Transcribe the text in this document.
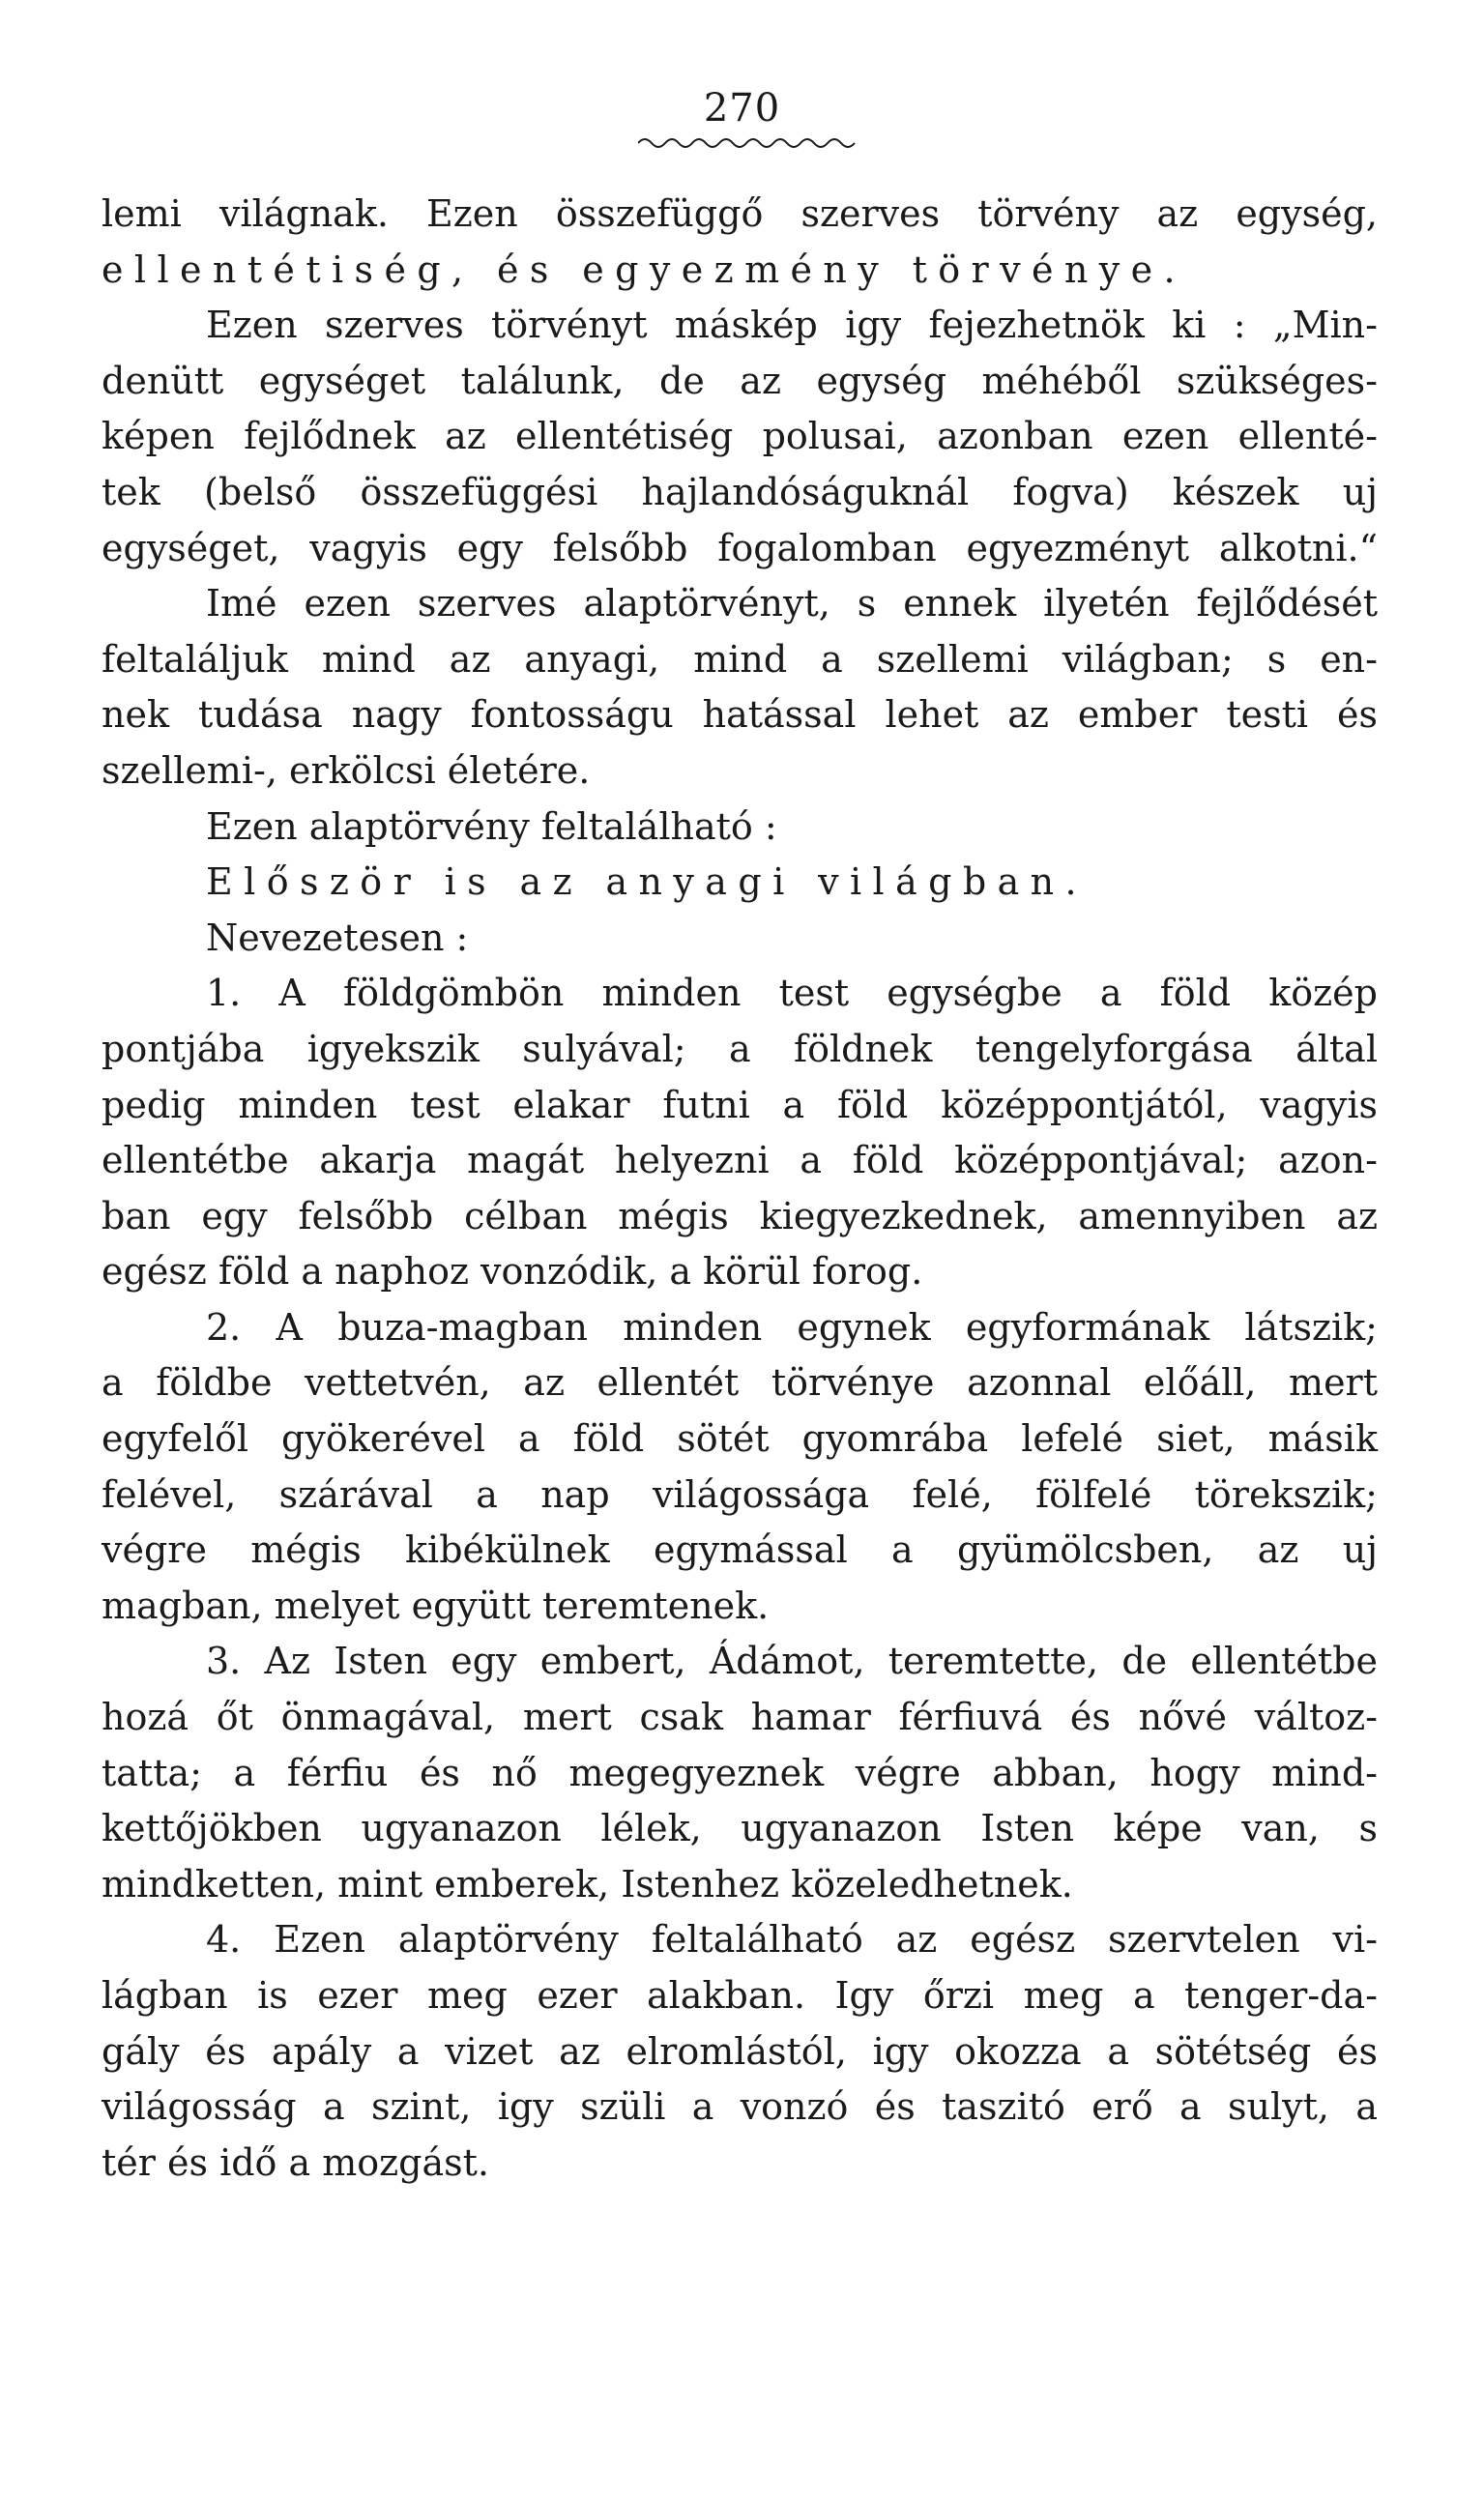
270
lemi világnak. Ezen összefüggő szerves törvény az egység,
ellentétiség, és egyezmény törvénye.
Ezen szerves törvényt máskép igy fejezhetnök ki : „Min-
denütt egységet találunk, de az egység méhéből szükséges-
képen fejlődnek az ellentétiség polusai, azonban ezen ellenté-
tek (belső összefüggési hajlandóságuknál fogva) készek uj
egységet, vagyis egy felsőbb fogalomban egyezményt alkotni.“
Imé ezen szerves alaptörvényt, s ennek ilyetén fejlődését
feltaláljuk mind az anyagi, mind a szellemi világban; s en-
nek tudása nagy fontosságu hatással lehet az ember testi és
szellemi-, erkölcsi életére.
Ezen alaptörvény feltalálható :
Először is az anyagi világban.
Nevezetesen :
1. A földgömbön minden test egységbe a föld közép
pontjába igyekszik sulyával; a földnek tengelyforgása által
pedig minden test elakar futni a föld középpontjától, vagyis
ellentétbe akarja magát helyezni a föld középpontjával; azon-
ban egy felsőbb célban mégis kiegyezkednek, amennyiben az
egész föld a naphoz vonzódik, a körül forog.
2. A buza-magban minden egynek egyformának látszik;
a földbe vettetvén, az ellentét törvénye azonnal előáll, mert
egyfelől gyökerével a föld sötét gyomrába lefelé siet, másik
felével, szárával a nap világossága felé, fölfelé törekszik;
végre mégis kibékülnek egymással a gyümölcsben, az uj
magban, melyet együtt teremtenek.
3. Az Isten egy embert, Ádámot, teremtette, de ellentétbe
hozá őt önmagával, mert csak hamar férfiuvá és nővé változ-
tatta; a férfiu és nő megegyeznek végre abban, hogy mind-
kettőjökben ugyanazon lélek, ugyanazon Isten képe van, s
mindketten, mint emberek, Istenhez közeledhetnek.
4. Ezen alaptörvény feltalálható az egész szervtelen vi-
lágban is ezer meg ezer alakban. Igy őrzi meg a tenger-da-
gály és apály a vizet az elromlástól, igy okozza a sötétség és
világosság a szint, igy szüli a vonzó és taszitó erő a sulyt, a
tér és idő a mozgást.
